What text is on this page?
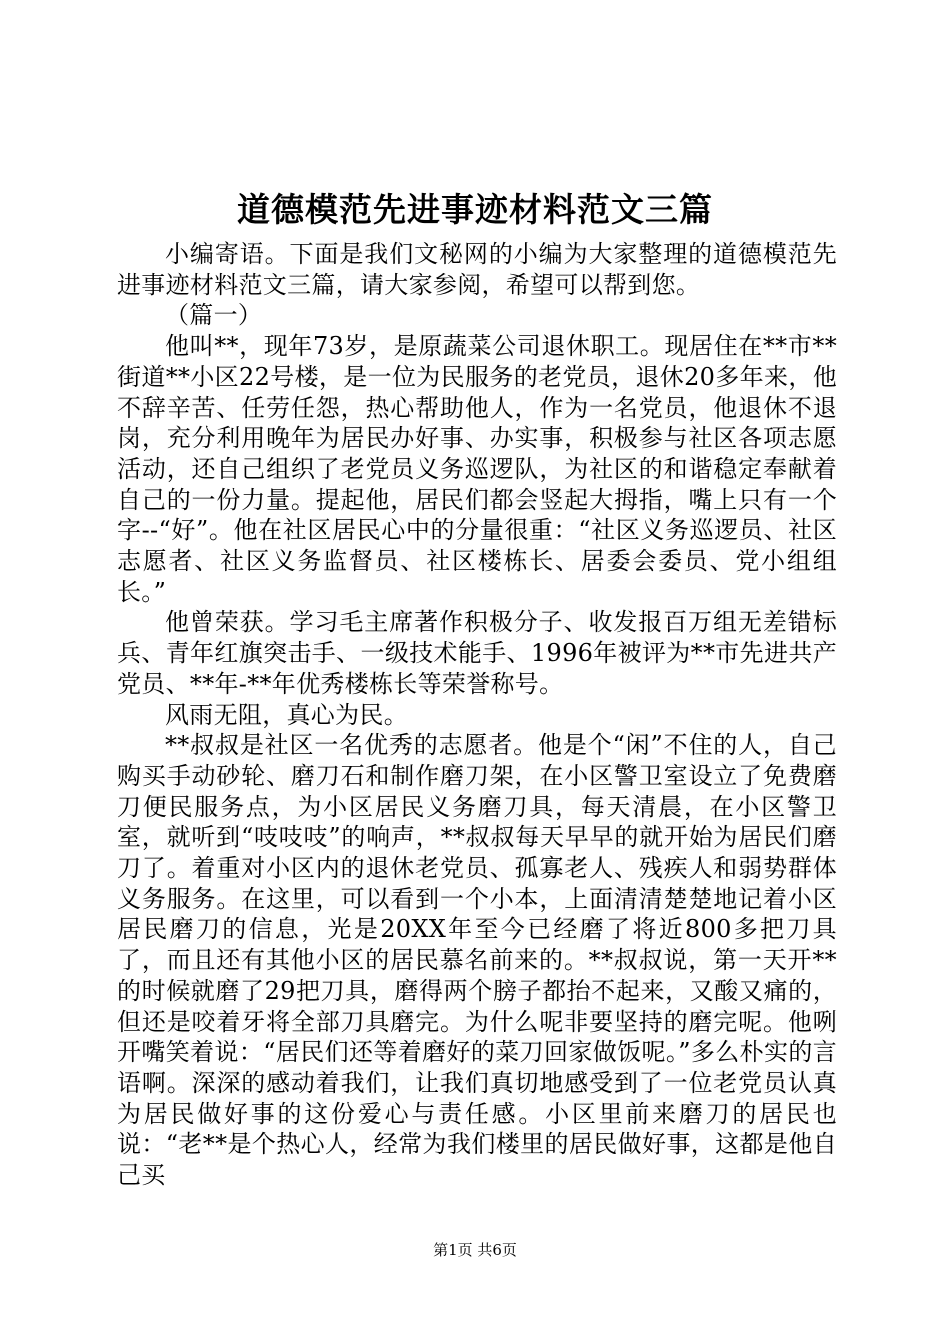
道德模范先进事迹材料范文三篇

小编寄语。下面是我们文秘网的小编为大家整理的道德模范先进事迹材料范文三篇，请大家参阅，希望可以帮到您。

（篇一）

他叫**，现年73岁，是原蔬菜公司退休职工。现居住在**市**街道**小区22号楼，是一位为民服务的老党员，退休20多年来，他不辞辛苦、任劳任怨，热心帮助他人，作为一名党员，他退休不退岗，充分利用晚年为居民办好事、办实事，积极参与社区各项志愿活动，还自己组织了老党员义务巡逻队，为社区的和谐稳定奉献着自己的一份力量。提起他，居民们都会竖起大拇指，嘴上只有一个字--“好”。他在社区居民心中的分量很重：“社区义务巡逻员、社区志愿者、社区义务监督员、社区楼栋长、居委会委员、党小组组长。”

他曾荣获。学习毛主席著作积极分子、收发报百万组无差错标兵、青年红旗突击手、一级技术能手、1996年被评为**市先进共产党员、**年-**年优秀楼栋长等荣誉称号。

风雨无阻，真心为民。

**叔叔是社区一名优秀的志愿者。他是个“闲”不住的人，自己购买手动砂轮、磨刀石和制作磨刀架，在小区警卫室设立了免费磨刀便民服务点，为小区居民义务磨刀具，每天清晨，在小区警卫室，就听到“吱吱吱”的响声，**叔叔每天早早的就开始为居民们磨刀了。着重对小区内的退休老党员、孤寡老人、残疾人和弱势群体义务服务。在这里，可以看到一个小本，上面清清楚楚地记着小区居民磨刀的信息，光是20XX年至今已经磨了将近800多把刀具了，而且还有其他小区的居民慕名前来的。**叔叔说，第一天开**的时候就磨了29把刀具，磨得两个膀子都抬不起来，又酸又痛的，但还是咬着牙将全部刀具磨完。为什么呢非要坚持的磨完呢。他咧开嘴笑着说：“居民们还等着磨好的菜刀回家做饭呢。”多么朴实的言语啊。深深的感动着我们，让我们真切地感受到了一位老党员认真为居民做好事的这份爱心与责任感。小区里前来磨刀的居民也说：“老**是个热心人，经常为我们楼里的居民做好事，这都是他自己买

第1页 共6页
